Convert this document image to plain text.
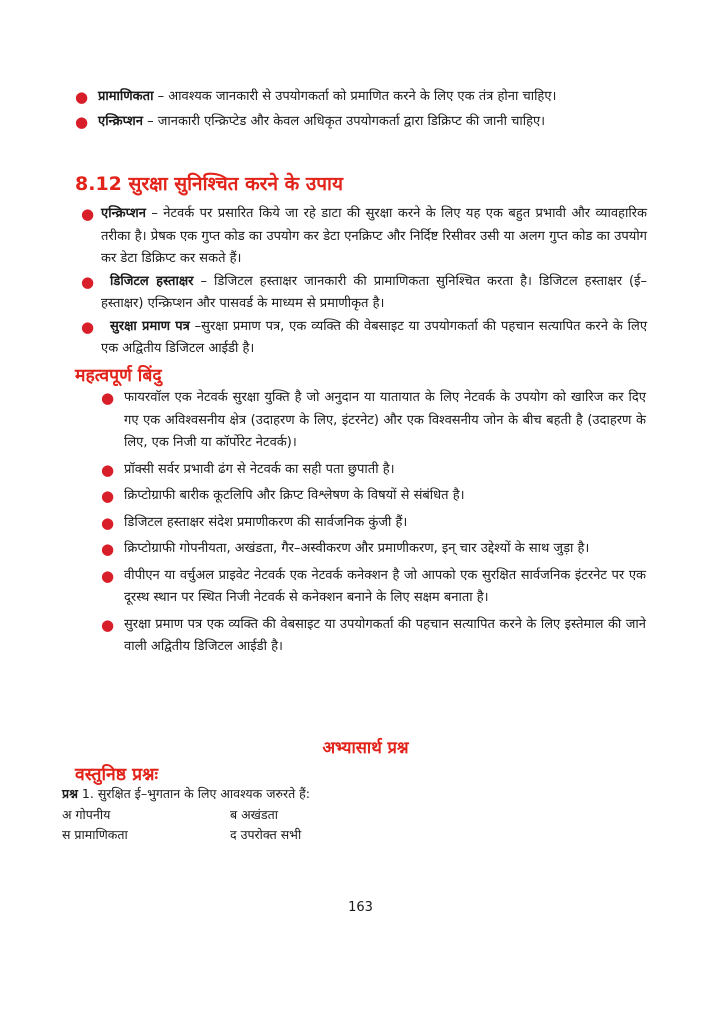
● प्रामाणिकता – आवश्यक जानकारी से उपयोगकर्ता को प्रमाणित करने के लिए एक तंत्र होना चाहिए।
● एन्क्रिप्शन – जानकारी एन्क्रिप्टेड और केवल अधिकृत उपयोगकर्ता द्वारा डिक्रिप्ट की जानी चाहिए।
8.12 सुरक्षा सुनिश्चित करने के उपाय
● एन्क्रिप्शन – नेटवर्क पर प्रसारित किये जा रहे डाटा की सुरक्षा करने के लिए यह एक बहुत प्रभावी और व्यावहारिक तरीका है। प्रेषक एक गुप्त कोड का उपयोग कर डेटा एनक्रिप्ट और निर्दिष्ट रिसीवर उसी या अलग गुप्त कोड का उपयोग कर डेटा डिक्रिप्ट कर सकते हैं।
● डिजिटल हस्ताक्षर – डिजिटल हस्ताक्षर जानकारी की प्रामाणिकता सुनिश्चित करता है। डिजिटल हस्ताक्षर (ई–हस्ताक्षर) एन्क्रिप्शन और पासवर्ड के माध्यम से प्रमाणीकृत है।
● सुरक्षा प्रमाण पत्र –सुरक्षा प्रमाण पत्र, एक व्यक्ति की वेबसाइट या उपयोगकर्ता की पहचान सत्यापित करने के लिए एक अद्वितीय डिजिटल आईडी है।
महत्वपूर्ण बिंदु
● फायरवॉल एक नेटवर्क सुरक्षा युक्ति है जो अनुदान या यातायात के लिए नेटवर्क के उपयोग को खारिज कर दिए गए एक अविश्वसनीय क्षेत्र (उदाहरण के लिए, इंटरनेट) और एक विश्वसनीय जोन के बीच बहती है (उदाहरण के लिए, एक निजी या कॉर्पोरेट नेटवर्क)।
● प्रॉक्सी सर्वर प्रभावी ढंग से नेटवर्क का सही पता छुपाती है।
● क्रिप्टोग्राफी बारीक कूटलिपि और क्रिप्ट विश्लेषण के विषयों से संबंधित है।
● डिजिटल हस्ताक्षर संदेश प्रमाणीकरण की सार्वजनिक कुंजी हैं।
● क्रिप्टोग्राफी गोपनीयता, अखंडता, गैर–अस्वीकरण और प्रमाणीकरण, इन् चार उद्देश्यों के साथ जुड़ा है।
● वीपीएन या वर्चुअल प्राइवेट नेटवर्क एक नेटवर्क कनेक्शन है जो आपको एक सुरक्षित सार्वजनिक इंटरनेट पर एक दूरस्थ स्थान पर स्थित निजी नेटवर्क से कनेक्शन बनाने के लिए सक्षम बनाता है।
● सुरक्षा प्रमाण पत्र एक व्यक्ति की वेबसाइट या उपयोगकर्ता की पहचान सत्यापित करने के लिए इस्तेमाल की जाने वाली अद्वितीय डिजिटल आईडी है।
अभ्यासार्थ प्रश्न
वस्तुनिष्ठ प्रश्नः
प्रश्न 1. सुरक्षित ई–भुगतान के लिए आवश्यक जरुरते हैं:
अ गोपनीय	ब अखंडता
स प्रामाणिकता	द उपरोक्त सभी
163
